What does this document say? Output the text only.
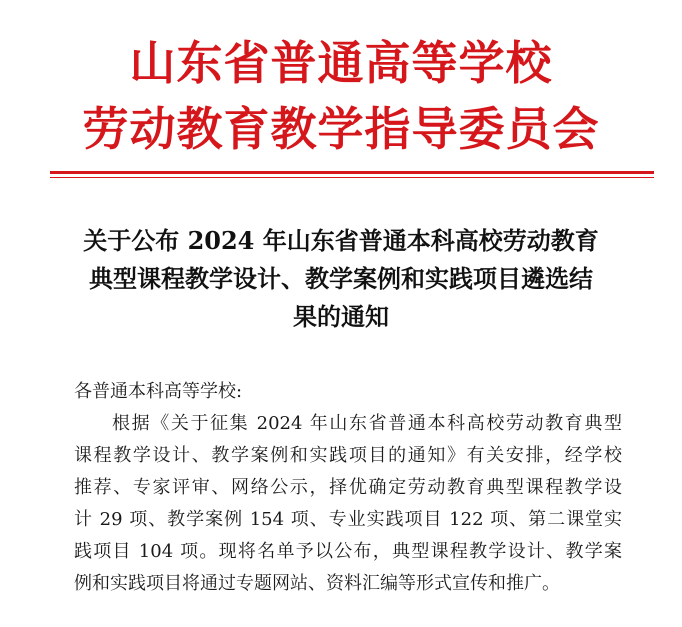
山东省普通高等学校
劳动教育教学指导委员会
关于公布 2024 年山东省普通本科高校劳动教育
典型课程教学设计、教学案例和实践项目遴选结
果的通知
各普通本科高等学校:
根据《关于征集 2024 年山东省普通本科高校劳动教育典型
课程教学设计、教学案例和实践项目的通知》有关安排，经学校
推荐、专家评审、网络公示，择优确定劳动教育典型课程教学设
计 29 项、教学案例 154 项、专业实践项目 122 项、第二课堂实
践项目 104 项。现将名单予以公布，典型课程教学设计、教学案
例和实践项目将通过专题网站、资料汇编等形式宣传和推广。
